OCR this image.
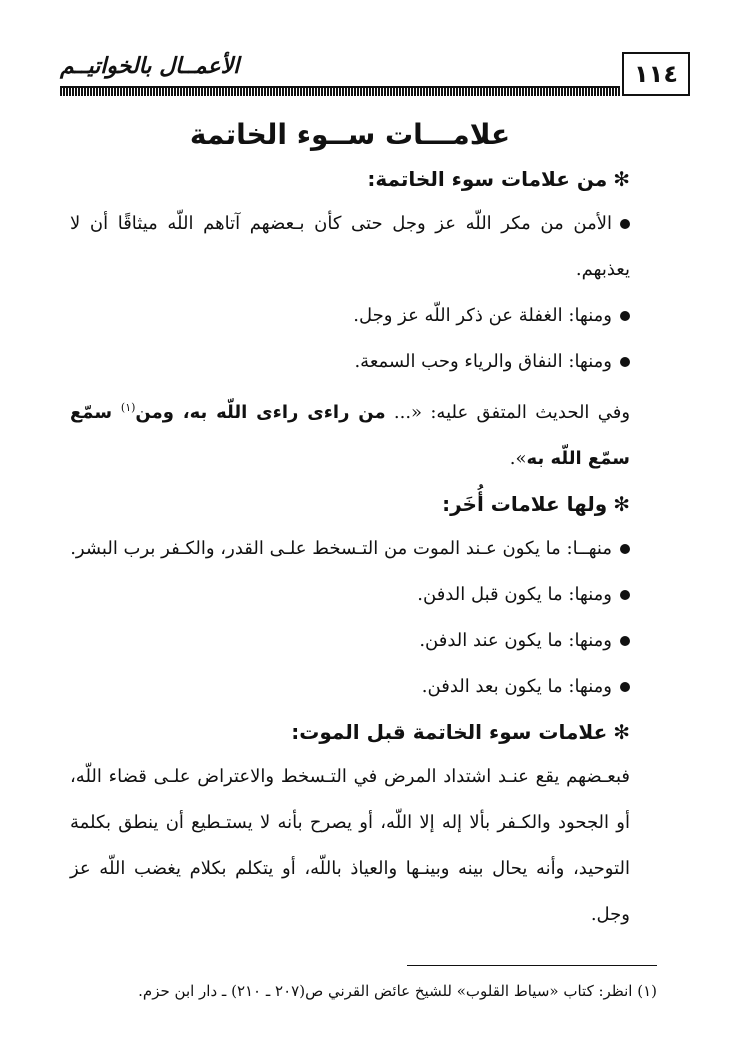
١١٤
الأعمــال بالخواتيــم
علامـــات ســوء الخاتمة
✻من علامات سوء الخاتمة:

الأمن من مكر اللّه عز وجل حتى كأن بـعضهم آتاهم اللّه ميثاقًا أن لا يعذبهم.

ومنها: الغفلة عن ذكر اللّه عز وجل.

ومنها: النفاق والرياء وحب السمعة.

وفي الحديث المتفق عليه: «... من راءى راءى اللّه به، ومن$^{(١)}$ سمّع سمّع اللّه به».

✻ولها علامات أُخَر:

منهــا: ما يكون عـند الموت من التـسخط علـى القدر، والكـفر برب البشر.

ومنها: ما يكون قبل الدفن.

ومنها: ما يكون عند الدفن.

ومنها: ما يكون بعد الدفن.

✻علامات سوء الخاتمة قبل الموت:

فبعـضهم يقع عنـد اشتداد المرض في التـسخط والاعتراض علـى قضاء اللّه، أو الجحود والكـفر بألا إله إلا اللّه، أو يصرح بأنه لا يستـطيع أن ينطق بكلمة التوحيد، وأنه يحال بينه وبينـها والعياذ باللّه، أو يتكلم بكلام يغضب اللّه عز وجل.

(١) انظر: كتاب «سياط القلوب» للشيخ عائض القرني ص(٢٠٧ ـ ٢١٠) ـ دار ابن حزم.
